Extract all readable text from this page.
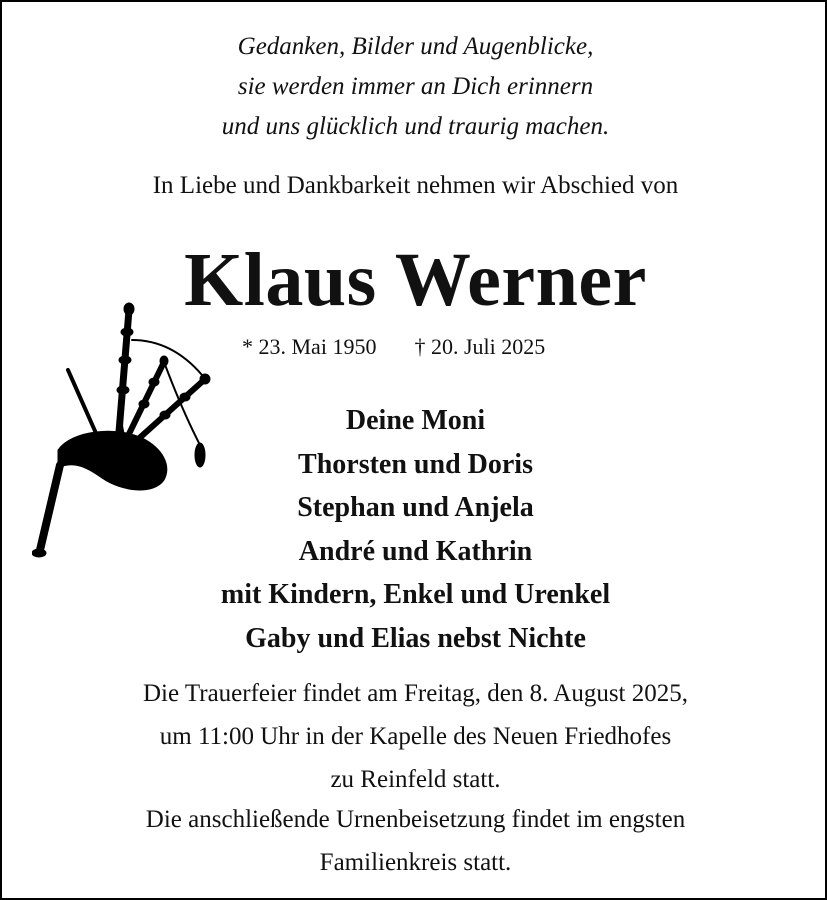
Gedanken, Bilder und Augenblicke,
sie werden immer an Dich erinnern
und uns glücklich und traurig machen.
In Liebe und Dankbarkeit nehmen wir Abschied von
Klaus Werner
* 23. Mai 1950 † 20. Juli 2025
Deine Moni
Thorsten und Doris
Stephan und Anjela
André und Kathrin
mit Kindern, Enkel und Urenkel
Gaby und Elias nebst Nichte
Die Trauerfeier findet am Freitag, den 8. August 2025,
um 11:00 Uhr in der Kapelle des Neuen Friedhofes
zu Reinfeld statt.
Die anschließende Urnenbeisetzung findet im engsten
Familienkreis statt.
